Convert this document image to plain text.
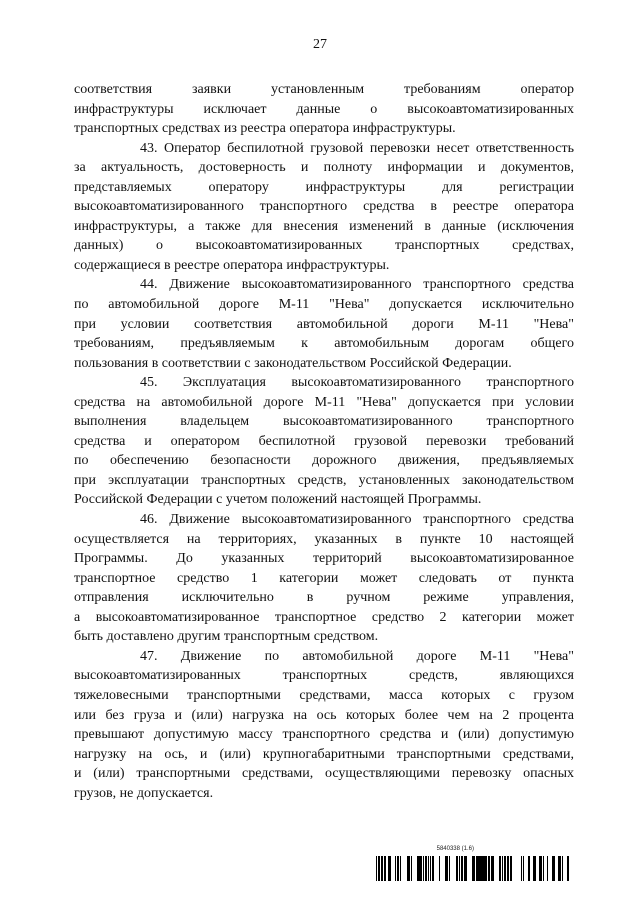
27
соответствия заявки установленным требованиям оператор
инфраструктуры исключает данные о высокоавтоматизированных
транспортных средствах из реестра оператора инфраструктуры.
43. Оператор беспилотной грузовой перевозки несет ответственность
за актуальность, достоверность и полноту информации и документов,
представляемых оператору инфраструктуры для регистрации
высокоавтоматизированного транспортного средства в реестре оператора
инфраструктуры, а также для внесения изменений в данные (исключения
данных) о высокоавтоматизированных транспортных средствах,
содержащиеся в реестре оператора инфраструктуры.
44. Движение высокоавтоматизированного транспортного средства
по автомобильной дороге М-11 "Нева" допускается исключительно
при условии соответствия автомобильной дороги М-11 "Нева"
требованиям, предъявляемым к автомобильным дорогам общего
пользования в соответствии с законодательством Российской Федерации.
45. Эксплуатация высокоавтоматизированного транспортного
средства на автомобильной дороге М-11 "Нева" допускается при условии
выполнения владельцем высокоавтоматизированного транспортного
средства и оператором беспилотной грузовой перевозки требований
по обеспечению безопасности дорожного движения, предъявляемых
при эксплуатации транспортных средств, установленных законодательством
Российской Федерации с учетом положений настоящей Программы.
46. Движение высокоавтоматизированного транспортного средства
осуществляется на территориях, указанных в пункте 10 настоящей
Программы. До указанных территорий высокоавтоматизированное
транспортное средство 1 категории может следовать от пункта
отправления исключительно в ручном режиме управления,
а высокоавтоматизированное транспортное средство 2 категории может
быть доставлено другим транспортным средством.
47. Движение по автомобильной дороге М-11 "Нева"
высокоавтоматизированных транспортных средств, являющихся
тяжеловесными транспортными средствами, масса которых с грузом
или без груза и (или) нагрузка на ось которых более чем на 2 процента
превышают допустимую массу транспортного средства и (или) допустимую
нагрузку на ось, и (или) крупногабаритными транспортными средствами,
и (или) транспортными средствами, осуществляющими перевозку опасных
грузов, не допускается.
5840338 (1.6)
